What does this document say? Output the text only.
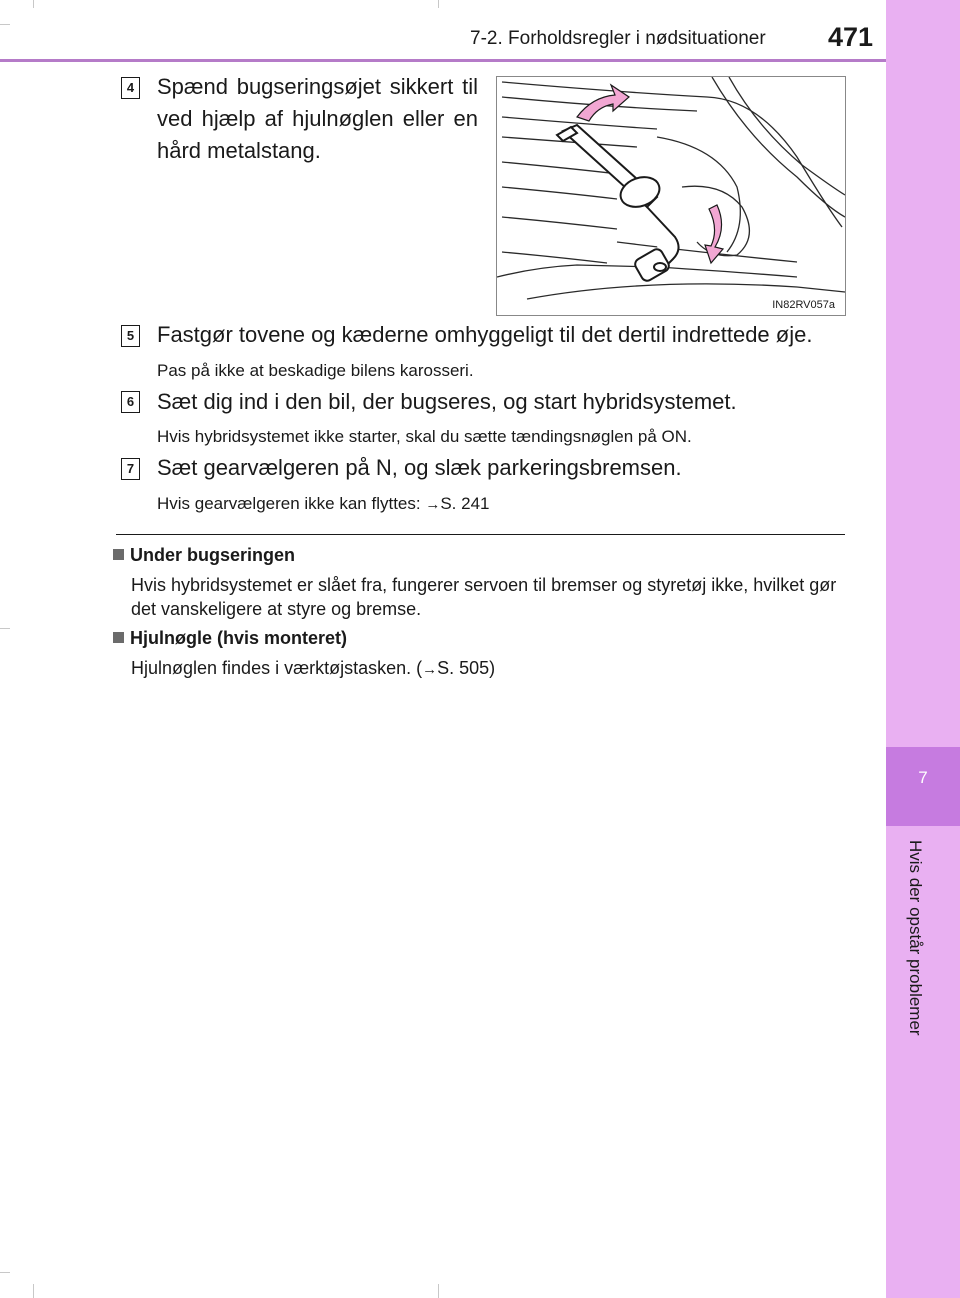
7-2. Forholdsregler i nødsituationer 471
7
Hvis der opstår problemer
4 Spænd bugseringsøjet sikkert til ved hjælp af hjulnøglen eller en hård metalstang.
IN82RV057a
5 Fastgør tovene og kæderne omhyggeligt til det dertil indrettede øje.
Pas på ikke at beskadige bilens karosseri.
6 Sæt dig ind i den bil, der bugseres, og start hybridsystemet.
Hvis hybridsystemet ikke starter, skal du sætte tændingsnøglen på ON.
7 Sæt gearvælgeren på N, og slæk parkeringsbremsen.
Hvis gearvælgeren ikke kan flyttes: →S. 241
Under bugseringen
Hvis hybridsystemet er slået fra, fungerer servoen til bremser og styretøj ikke, hvilket gør det vanskeligere at styre og bremse.
Hjulnøgle (hvis monteret)
Hjulnøglen findes i værktøjstasken. (→S. 505)
